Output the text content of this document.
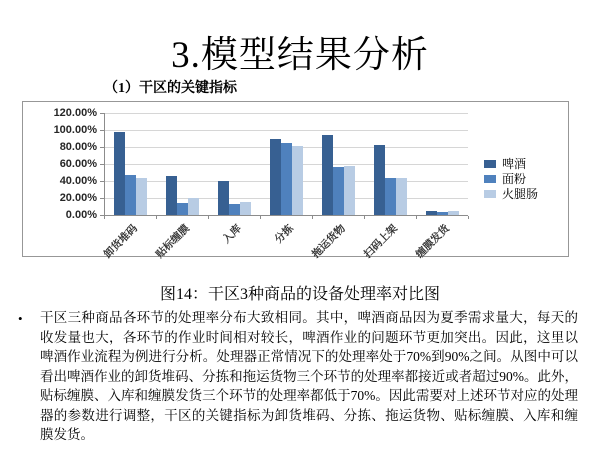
3.模型结果分析
（1）干区的关键指标
0.00%
20.00%
40.00%
60.00%
80.00%
100.00%
120.00%
卸货堆码	贴标缠膜	入库	分拣	拖运货物	扫码上架	缠膜发货
啤酒
面粉
火腿肠
图14：干区3种商品的设备处理率对比图
• 干区三种商品各环节的处理率分布大致相同。其中，啤酒商品因为夏季需求量大，每天的收发量也大，各环节的作业时间相对较长，啤酒作业的问题环节更加突出。因此，这里以啤酒作业流程为例进行分析。处理器正常情况下的处理率处于70%到90%之间。从图中可以看出啤酒作业的卸货堆码、分拣和拖运货物三个环节的处理率都接近或者超过90%。此外，贴标缠膜、入库和缠膜发货三个环节的处理率都低于70%。因此需要对上述环节对应的处理器的参数进行调整，干区的关键指标为卸货堆码、分拣、拖运货物、贴标缠膜、入库和缠膜发货。
